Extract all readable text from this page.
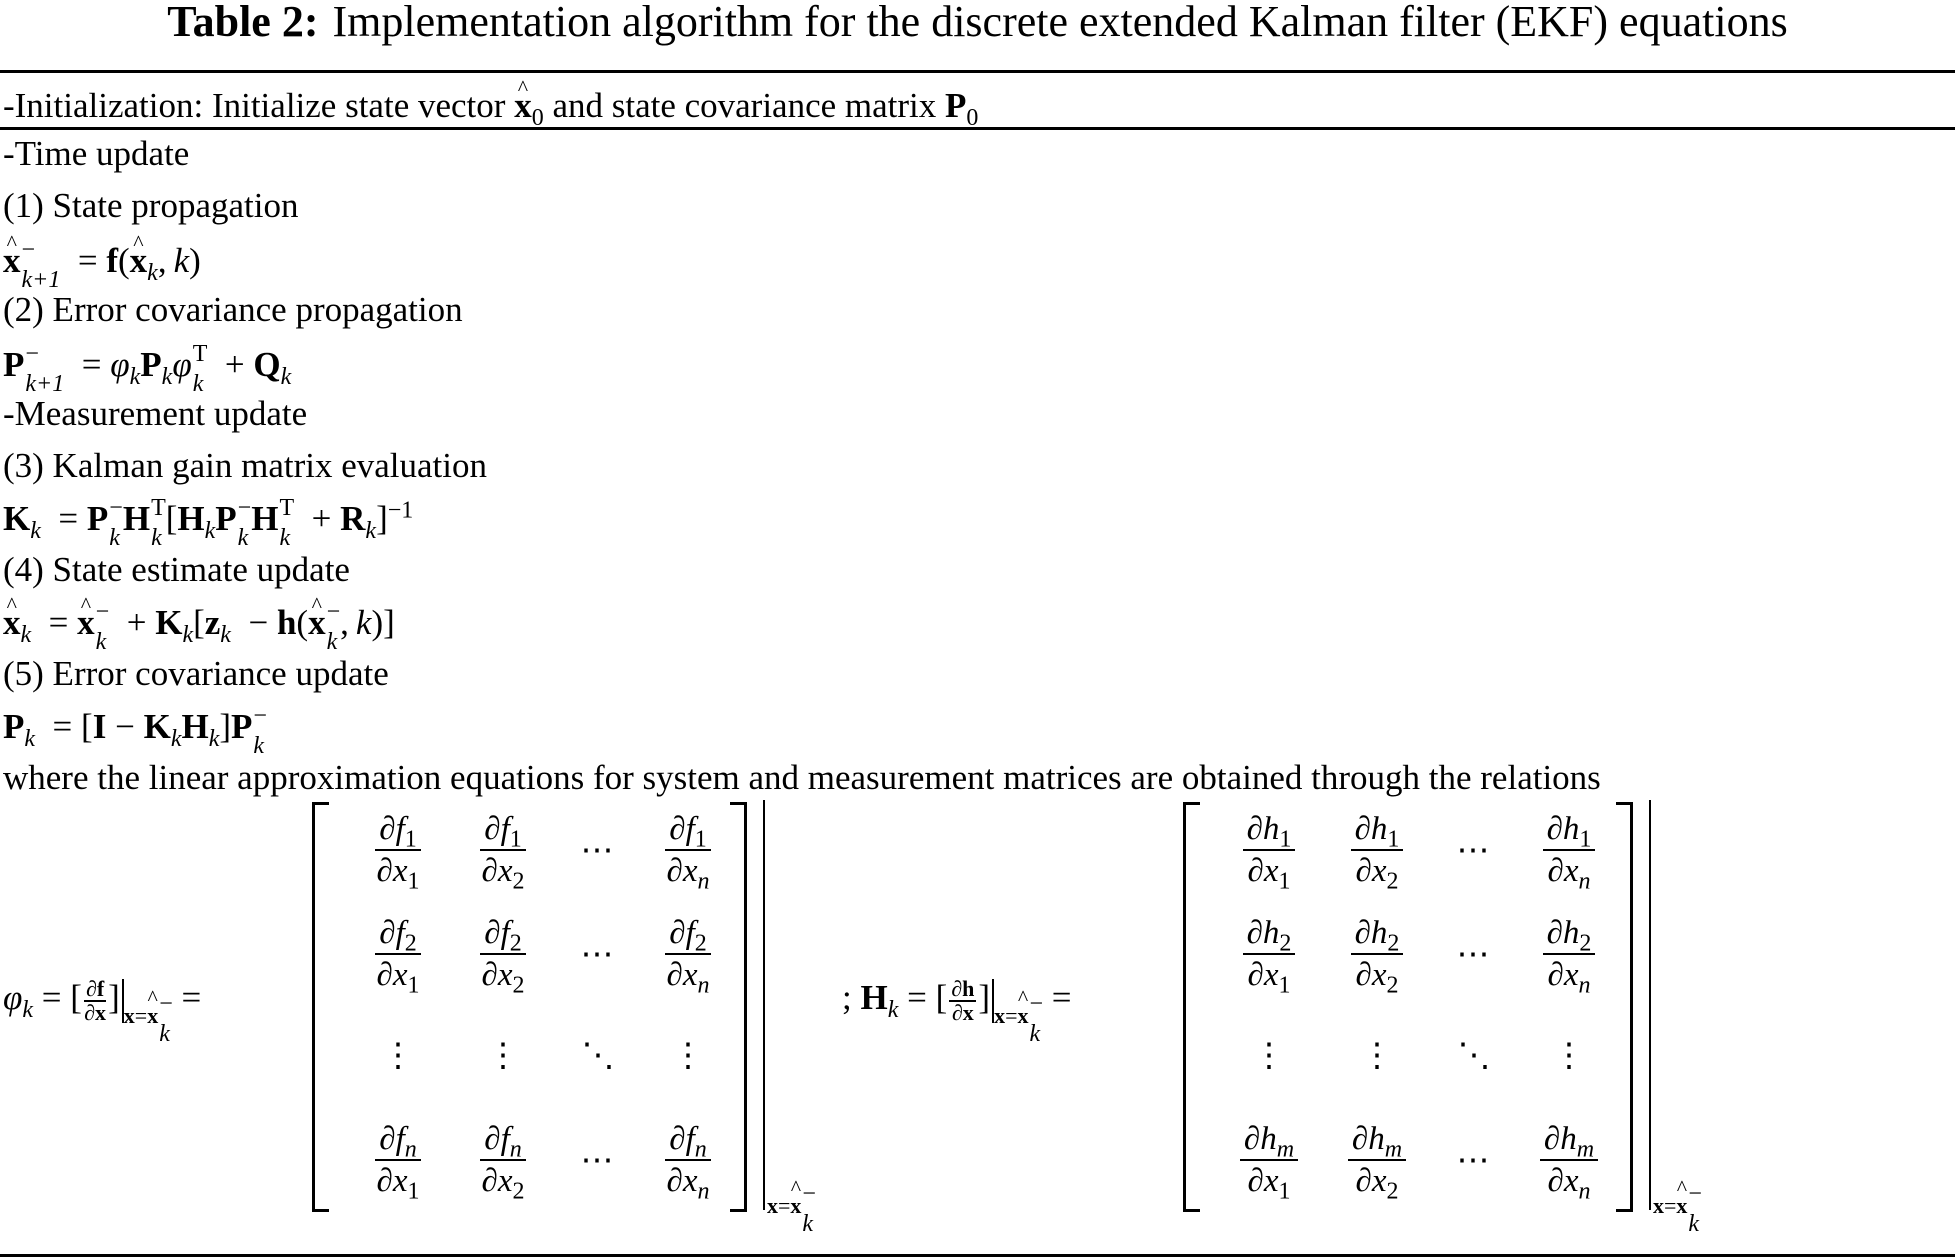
Table 2: Implementation algorithm for the discrete extended Kalman filter (EKF) equations
-Initialization: Initialize state vector ^ $x_0$ and state covariance matrix $P_0$
-Time update
(1) State propagation
^ x −
k+1 = f(^ $x_k$, k)
(2) Error covariance propagation
P −
$k+1 = \varphi_kP_k\varphi$ T
$k + Q_k$
-Measurement update
(3) Kalman gain matrix evaluation
$K_k = P$ −
k H T
k [$H_kP$ −
k H T
$k + R_k]^{-1}$
(4) State estimate update
^ $x_k$  = ^ x −
$k + K_k[z_k$  − h(^ x −
k , k)]
(5) Error covariance update
$P_k = [I - K_kH_k]P$ −
k
where the linear approximation equations for system and measurement matrices are obtained through the relations
$\varphi_k$ = [ $\frac{\partial f}{\partial x}$ ] $_{x=\^{} x - k}$
=
x=^ x −
k
$\frac{\partial f_1}{\partial x_1} \frac{\partial f_1}{\partial x_2}$ ⋯ $\frac{\partial f_1}{\partial x_n}$
$\frac{\partial f_2}{\partial x_1} \frac{\partial f_2}{\partial x_2}$ ⋯ $\frac{\partial f_2}{\partial x_n}$
⋮ ⋮ ⋱ ⋮
$\frac{\partial f_n}{\partial x_1} \frac{\partial f_n}{\partial x_2}$ ⋯ $\frac{\partial f_n}{\partial x_n}$
; $H_k$ = [ $\frac{\partial h}{\partial x}$ ] $_{x=\^{} x - k}$
=
x=^ x −
k
$\frac{\partial h_1}{\partial x_1} \frac{\partial h_1}{\partial x_2}$ ⋯ $\frac{\partial h_1}{\partial x_n}$
$\frac{\partial h_2}{\partial x_1} \frac{\partial h_2}{\partial x_2}$ ⋯ $\frac{\partial h_2}{\partial x_n}$
⋮ ⋮ ⋱ ⋮
$\frac{\partial h_m}{\partial x_1} \frac{\partial h_m}{\partial x_2}$ ⋯ $\frac{\partial h_m}{\partial x_n}$
